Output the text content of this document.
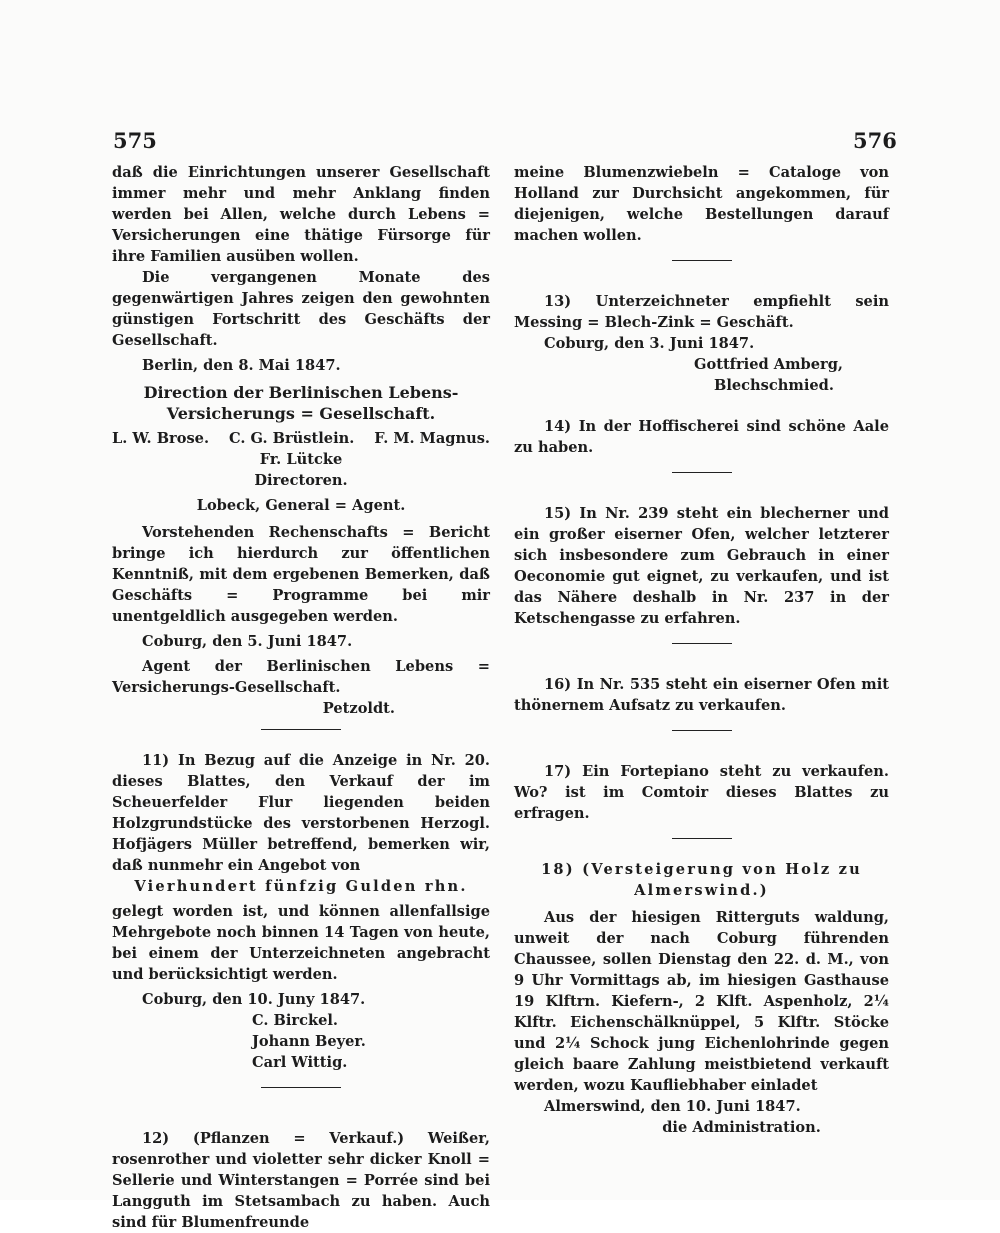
575	576

daß die Einrichtungen unserer Gesellschaft immer mehr und mehr Anklang finden werden bei Allen, welche durch Lebens = Versicherungen eine thätige Fürsorge für ihre Familien ausüben wollen.

Die vergangenen Monate des gegenwärtigen Jahres zeigen den gewohnten günstigen Fortschritt des Geschäfts der Gesellschaft.

Berlin, den 8. Mai 1847.

Direction der Berlinischen Lebens-

Versicherungs = Gesellschaft.

L. W. Brose. C. G. Brüstlein. F. M. Magnus.

Fr. Lütcke

Directoren.

Lobeck, General = Agent.

Vorstehenden Rechenschafts = Bericht bringe ich hierdurch zur öffentlichen Kenntniß, mit dem ergebenen Bemerken, daß Geschäfts = Programme bei mir unentgeldlich ausgegeben werden.

Coburg, den 5. Juni 1847.

Agent der Berlinischen Lebens = Versicherungs-Gesellschaft.

Petzoldt.

11) In Bezug auf die Anzeige in Nr. 20. dieses Blattes, den Verkauf der im Scheuerfelder Flur liegenden beiden Holzgrundstücke des verstorbenen Herzogl. Hofjägers Müller betreffend, bemerken wir, daß nunmehr ein Angebot von

Vierhundert fünfzig Gulden rhn.

gelegt worden ist, und können allenfallsige Mehrgebote noch binnen 14 Tagen von heute, bei einem der Unterzeichneten angebracht und berücksichtigt werden.

Coburg, den 10. Juny 1847.

C. Birckel.
Johann Beyer.
Carl Wittig.

12) (Pflanzen = Verkauf.) Weißer, rosenrother und violetter sehr dicker Knoll = Sellerie und Winterstangen = Porrée sind bei Langguth im Stetsambach zu haben. Auch sind für Blumenfreunde

meine Blumenzwiebeln = Cataloge von Holland zur Durchsicht angekommen, für diejenigen, welche Bestellungen darauf machen wollen.

13) Unterzeichneter empfiehlt sein Messing = Blech-Zink = Geschäft.

Coburg, den 3. Juni 1847.

Gottfried Amberg,

Blechschmied.

14) In der Hoffischerei sind schöne Aale zu haben.

15) In Nr. 239 steht ein blecherner und ein großer eiserner Ofen, welcher letzterer sich insbesondere zum Gebrauch in einer Oeconomie gut eignet, zu verkaufen, und ist das Nähere deshalb in Nr. 237 in der Ketschengasse zu erfahren.

16) In Nr. 535 steht ein eiserner Ofen mit thönernem Aufsatz zu verkaufen.

17) Ein Fortepiano steht zu verkaufen. Wo? ist im Comtoir dieses Blattes zu erfragen.

18) (Versteigerung von Holz zu Almerswind.)

Aus der hiesigen Ritterguts waldung, unweit der nach Coburg führenden Chaussee, sollen Dienstag den 22. d. M., von 9 Uhr Vormittags ab, im hiesigen Gasthause 19 Klftrn. Kiefern-, 2 Klft. Aspenholz, 2¼ Klftr. Eichenschälknüppel, 5 Klftr. Stöcke und 2¼ Schock jung Eichenlohrinde gegen gleich baare Zahlung meistbietend verkauft werden, wozu Kaufliebhaber einladet

Almerswind, den 10. Juni 1847.

die Administration.
